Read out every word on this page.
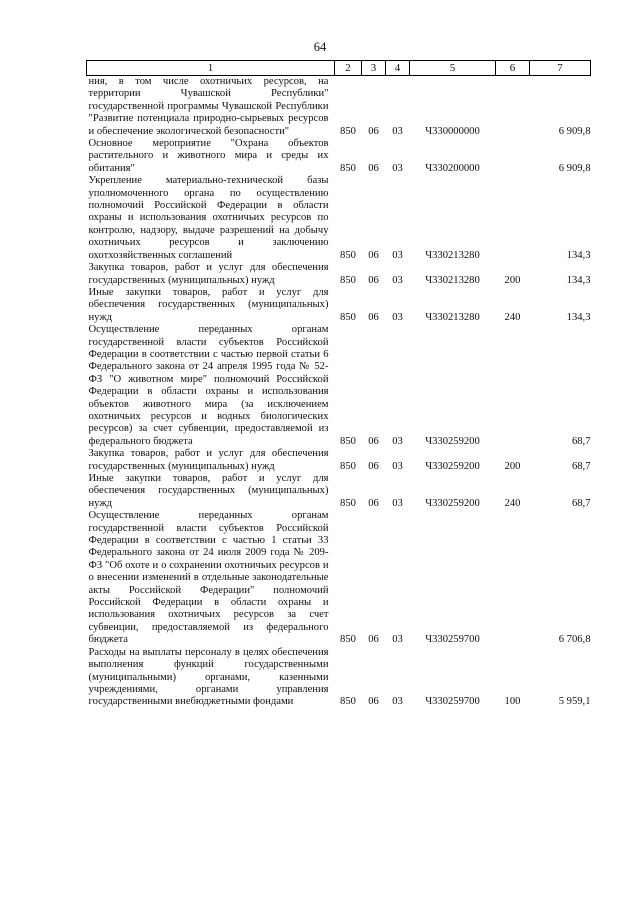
64
1	2	3	4	5	6	7
ния, в том числе охотничьих ресурсов, на территории Чувашской Республики" государственной программы Чувашской Республики "Развитие потенциала природно-сырьевых ресурсов и обеспечение экологической безопасности"	850	06	03	Ч330000000		6 909,8
Основное мероприятие "Охрана объектов растительного и животного мира и среды их обитания"	850	06	03	Ч330200000		6 909,8
Укрепление материально-технической базы уполномоченного органа по осуществлению полномочий Российской Федерации в области охраны и использования охотничьих ресурсов по контролю, надзору, выдаче разрешений на добычу охотничьих ресурсов и заключению охотхозяйственных соглашений	850	06	03	Ч330213280		134,3
Закупка товаров, работ и услуг для обеспечения государственных (муниципальных) нужд	850	06	03	Ч330213280	200	134,3
Иные закупки товаров, работ и услуг для обеспечения государственных (муниципальных) нужд	850	06	03	Ч330213280	240	134,3
Осуществление переданных органам государственной власти субъектов Российской Федерации в соответствии с частью первой статьи 6 Федерального закона от 24 апреля 1995 года № 52-ФЗ "О животном мире" полномочий Российской Федерации в области охраны и использования объектов животного мира (за исключением охотничьих ресурсов и водных биологических ресурсов) за счет субвенции, предоставляемой из федерального бюджета	850	06	03	Ч330259200		68,7
Закупка товаров, работ и услуг для обеспечения государственных (муниципальных) нужд	850	06	03	Ч330259200	200	68,7
Иные закупки товаров, работ и услуг для обеспечения государственных (муниципальных) нужд	850	06	03	Ч330259200	240	68,7
Осуществление переданных органам государственной власти субъектов Российской Федерации в соответствии с частью 1 статьи 33 Федерального закона от 24 июля 2009 года № 209-ФЗ "Об охоте и о сохранении охотничьих ресурсов и о внесении изменений в отдельные законодательные акты Российской Федерации" полномочий Российской Федерации в области охраны и использования охотничьих ресурсов за счет субвенции, предоставляемой из федерального бюджета	850	06	03	Ч330259700		6 706,8
Расходы на выплаты персоналу в целях обеспечения выполнения функций государственными (муниципальными) органами, казенными учреждениями, органами управления государственными внебюджетными фондами	850	06	03	Ч330259700	100	5 959,1
